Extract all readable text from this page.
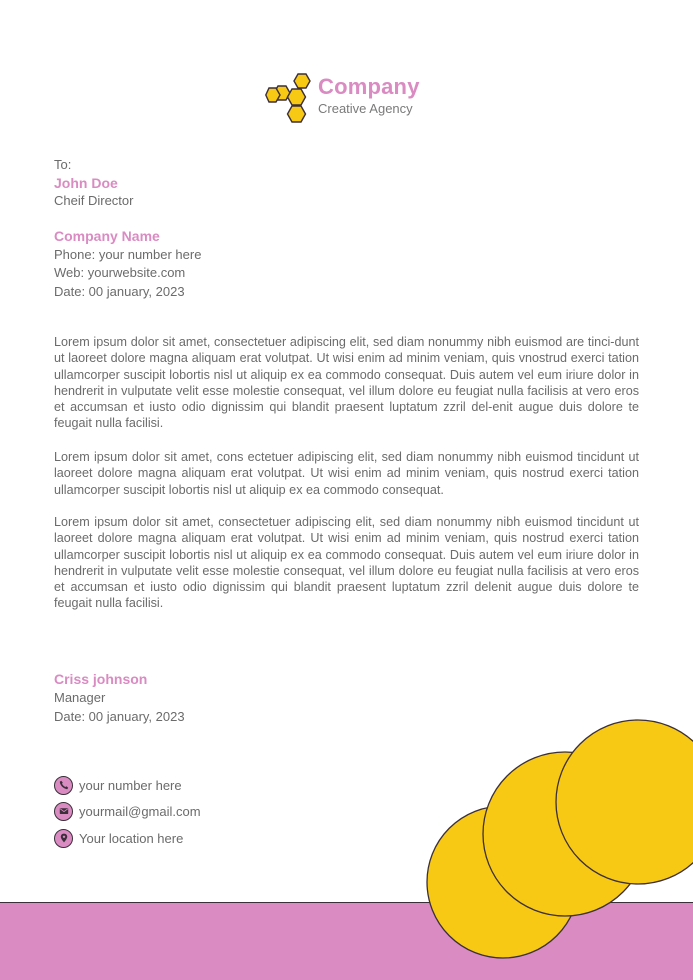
Company
Creative Agency
To:
John Doe
Cheif Director
Company Name
Phone: your number here
Web: yourwebsite.com
Date: 00 january, 2023

Lorem ipsum dolor sit amet, consectetuer adipiscing elit, sed diam nonummy nibh euismod are tinci-dunt ut laoreet dolore magna aliquam erat volutpat. Ut wisi enim ad minim veniam, quis vnostrud exerci tation ullamcorper suscipit lobortis nisl ut aliquip ex ea commodo consequat. Duis autem vel eum iriure dolor in hendrerit in vulputate velit esse molestie consequat, vel illum dolore eu feugiat nulla facilisis at vero eros et accumsan et iusto odio dignissim qui blandit praesent luptatum zzril del-enit augue duis dolore te feugait nulla facilisi.

Lorem ipsum dolor sit amet, cons ectetuer adipiscing elit, sed diam nonummy nibh euismod tincidunt ut laoreet dolore magna aliquam erat volutpat. Ut wisi enim ad minim veniam, quis nostrud exerci tation ullamcorper suscipit lobortis nisl ut aliquip ex ea commodo consequat.

Lorem ipsum dolor sit amet, consectetuer adipiscing elit, sed diam nonummy nibh euismod tincidunt ut laoreet dolore magna aliquam erat volutpat. Ut wisi enim ad minim veniam, quis nostrud exerci tation ullamcorper suscipit lobortis nisl ut aliquip ex ea commodo consequat. Duis autem vel eum iriure dolor in hendrerit in vulputate velit esse molestie consequat, vel illum dolore eu feugiat nulla facilisis at vero eros et accumsan et iusto odio dignissim qui blandit praesent luptatum zzril delenit augue duis dolore te feugait nulla facilisi.

Criss johnson
Manager
Date: 00 january, 2023
your number here
yourmail@gmail.com
Your location here
